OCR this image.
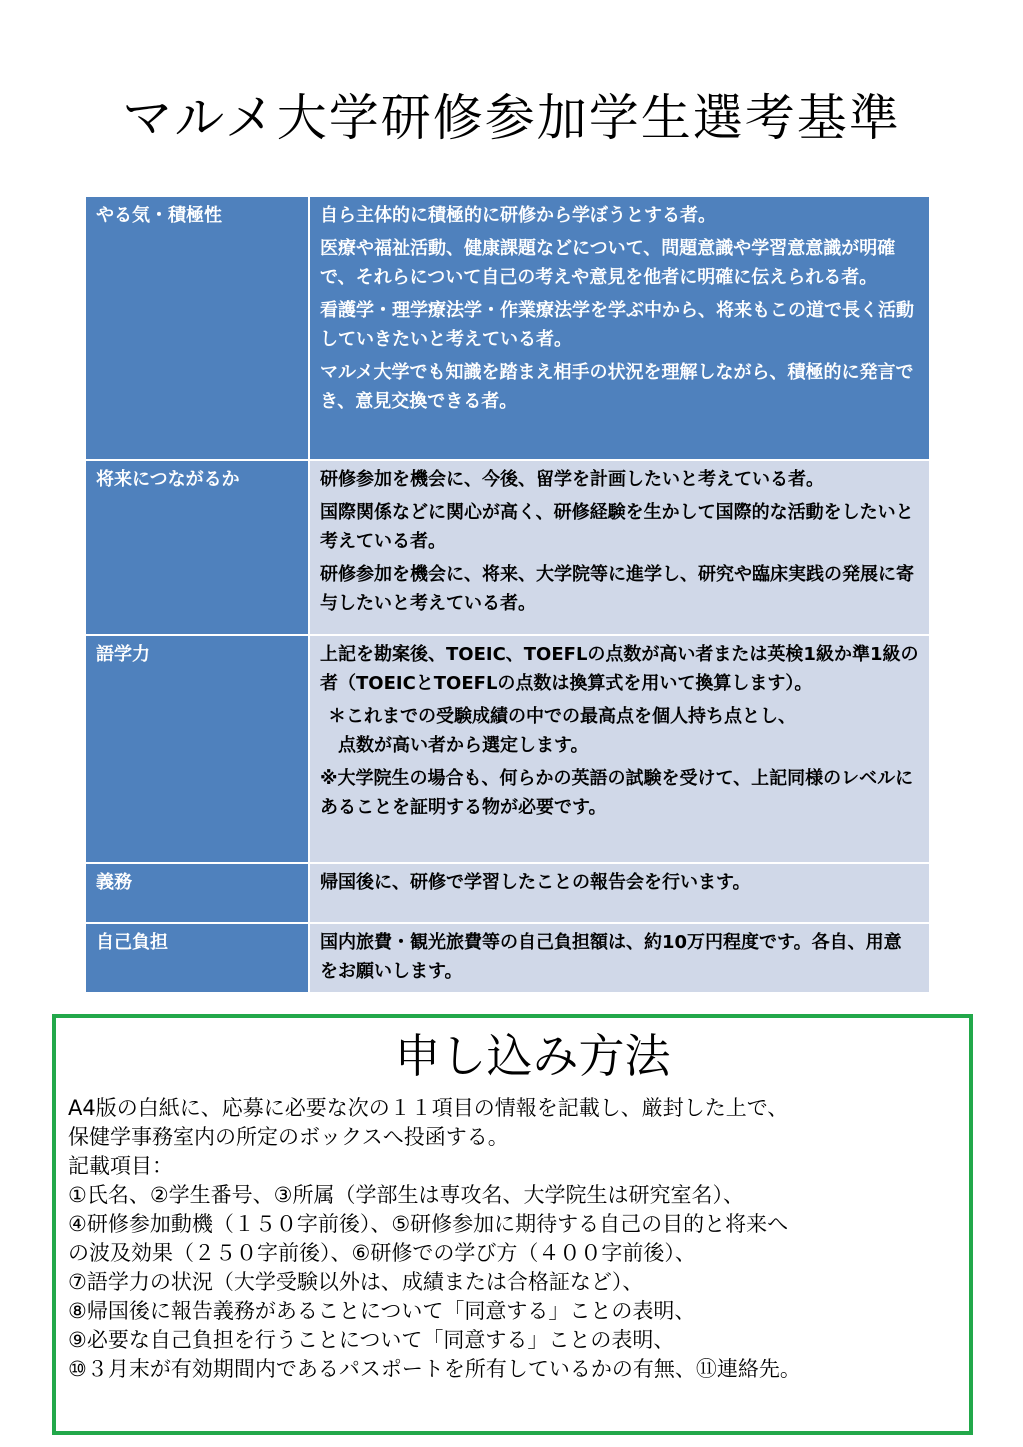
マルメ大学研修参加学生選考基準
やる気・積極性	自ら主体的に積極的に研修から学ぼうとする者。

医療や福祉活動、健康課題などについて、問題意識や学習意意識が明確で、それらについて自己の考えや意見を他者に明確に伝えられる者。

看護学・理学療法学・作業療法学を学ぶ中から、将来もこの道で長く活動していきたいと考えている者。

マルメ大学でも知識を踏まえ相手の状況を理解しながら、積極的に発言でき、意見交換できる者。

将来につながるか	研修参加を機会に、今後、留学を計画したいと考えている者。

国際関係などに関心が高く、研修経験を生かして国際的な活動をしたいと考えている者。

研修参加を機会に、将来、大学院等に進学し、研究や臨床実践の発展に寄与したいと考えている者。

語学力	上記を勘案後、TOEIC、TOEFLの点数が高い者または英検1級か準1級の者（TOEICとTOEFLの点数は換算式を用いて換算します）。

＊これまでの受験成績の中での最高点を個人持ち点とし、

点数が高い者から選定します。

※大学院生の場合も、何らかの英語の試験を受けて、上記同様のレベルにあることを証明する物が必要です。

義務	帰国後に、研修で学習したことの報告会を行います。

自己負担	国内旅費・観光旅費等の自己負担額は、約10万円程度です。各自、用意をお願いします。

申し込み方法
A4版の白紙に、応募に必要な次の１１項目の情報を記載し、厳封した上で、
保健学事務室内の所定のボックスへ投函する。
記載項目：
①氏名、②学生番号、③所属（学部生は専攻名、大学院生は研究室名）、
④研修参加動機（１５０字前後）、⑤研修参加に期待する自己の目的と将来へ
の波及効果（２５０字前後）、⑥研修での学び方（４００字前後）、
⑦語学力の状況（大学受験以外は、成績または合格証など）、
⑧帰国後に報告義務があることについて「同意する」ことの表明、
⑨必要な自己負担を行うことについて「同意する」ことの表明、
⑩３月末が有効期間内であるパスポートを所有しているかの有無、⑪連絡先。
